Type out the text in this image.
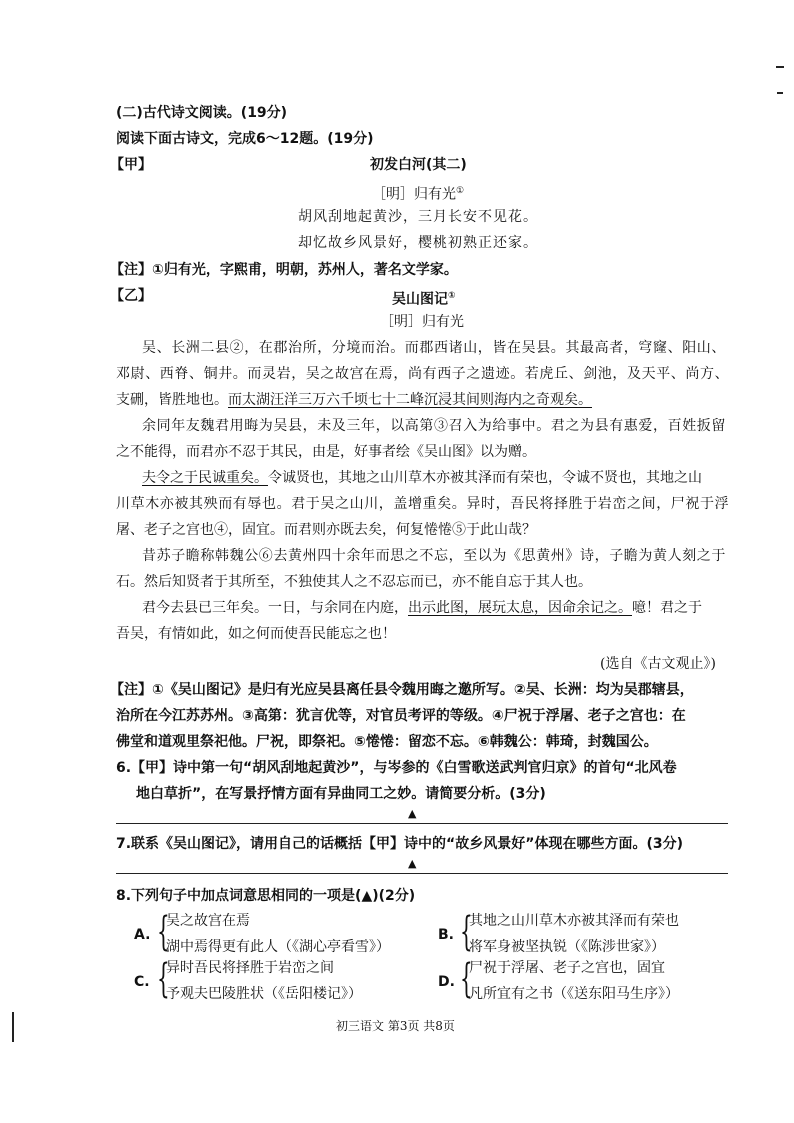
(二)古代诗文阅读。(19分)
阅读下面古诗文，完成6～12题。(19分)
【甲】	初发白河(其二)
［明］归有光①
胡风刮地起黄沙，三月长安不见花。
却忆故乡风景好，樱桃初熟正还家。
【注】①归有光，字熙甫，明朝，苏州人，著名文学家。
【乙】	吴山图记①
［明］归有光
吴、长洲二县②，在郡治所，分境而治。而郡西诸山，皆在吴县。其最高者，穹窿、阳山、
邓尉、西脊、铜井。而灵岩，吴之故宫在焉，尚有西子之遗迹。若虎丘、剑池，及天平、尚方、
支硎，皆胜地也。而太湖汪洋三万六千顷七十二峰沉浸其间则海内之奇观矣。
余同年友魏君用晦为吴县，未及三年，以高第③召入为给事中。君之为县有惠爱，百姓扳留
之不能得，而君亦不忍于其民，由是，好事者绘《吴山图》以为赠。
夫令之于民诚重矣。令诚贤也，其地之山川草木亦被其泽而有荣也，令诚不贤也，其地之山
川草木亦被其殃而有辱也。君于吴之山川，盖增重矣。异时，吾民将择胜于岩峦之间，尸祝于浮
屠、老子之宫也④，固宜。而君则亦既去矣，何复惓惓⑤于此山哉？
昔苏子瞻称韩魏公⑥去黄州四十余年而思之不忘，至以为《思黄州》诗，子瞻为黄人刻之于
石。然后知贤者于其所至，不独使其人之不忍忘而已，亦不能自忘于其人也。
君今去县已三年矣。一日，与余同在内庭，出示此图，展玩太息，因命余记之。噫！君之于
吾吴，有情如此，如之何而使吾民能忘之也！
(选自《古文观止》)
【注】①《吴山图记》是归有光应吴县离任县令魏用晦之邀所写。②吴、长洲：均为吴郡辖县，
治所在今江苏苏州。③高第：犹言优等，对官员考评的等级。④尸祝于浮屠、老子之宫也：在
佛堂和道观里祭祀他。尸祝，即祭祀。⑤惓惓：留恋不忘。⑥韩魏公：韩琦，封魏国公。
6.【甲】诗中第一句“胡风刮地起黄沙”，与岑参的《白雪歌送武判官归京》的首句“北风卷
地白草折”，在写景抒情方面有异曲同工之妙。请简要分析。(3分)
▲
7.联系《吴山图记》，请用自己的话概括【甲】诗中的“故乡风景好”体现在哪些方面。(3分)
▲
8.下列句子中加点词意思相同的一项是(▲)(2分)
A. {
吴之故宫在焉
湖中焉得更有此人（《湖心亭看雪》）
B. {
其地之山川草木亦被其泽而有荣也
将军身被坚执锐（《陈涉世家》）
C. {
异时吾民将择胜于岩峦之间
予观夫巴陵胜状（《岳阳楼记》）
D. {
尸祝于浮屠、老子之宫也，固宜
凡所宜有之书（《送东阳马生序》）
初三语文 第3页 共8页
